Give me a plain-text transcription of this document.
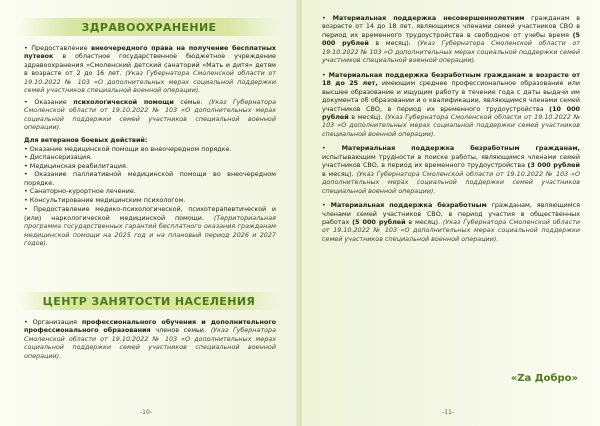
ЗДРАВООХРАНЕНИЕ

• Предоставление внеочередного права на получение бесплатных путевок в областное государственное бюджетное учреждение здравоохранения «Смоленский детский санаторий «Мать и дитя» детям в возрасте от 2 до 16 лет. (Указ Губернатора Смоленской области от 19.10.2022 № 103 «О дополнительных мерах социальной поддержки семей участников специальной военной операции).

• Оказание психологической помощи семье. (Указ Губернатора Смоленской области от 19.10.2022 № 103 «О дополнительных мерах социальной поддержки семей участников специальной военной операции).

Для ветеранов боевых действий:

• Оказание медицинской помощи во внеочередном порядке.
• Диспансеризация.
• Медицинская реабилитация.
• Оказание паллиативной медицинской помощи во внеочередном порядке.
• Санаторно-курортное лечение.
• Консультирование медицинским психологом.

• Предоставление медико-психологической, психотерапевтической и (или) наркологической медицинской помощи. (Территориальная программа государственных гарантий бесплатного оказания гражданам медицинской помощи на 2025 год и на плановый период 2026 и 2027 годов).

ЦЕНТР ЗАНЯТОСТИ НАСЕЛЕНИЯ

• Организация профессионального обучения и дополнительного профессионального образования членов семьи. (Указ Губернатора Смоленской области от 19.10.2022 № 103 «О дополнительных мерах социальной поддержки семей участников специальной военной операции).

-10-

• Материальная поддержка несовершеннолетним гражданам в возрасте от 14 до 18 лет, являющимся членами семей участников СВО в период их временного трудоустройства в свободное от учебы время (5 000 рублей в месяц). (Указ Губернатора Смоленской области от 19.10.2022 № 103 «О дополнительных мерах социальной поддержки семей участников специальной военной операции).

• Материальная поддержка безработным гражданам в возрасте от 18 до 25 лет, имеющим среднее профессиональное образование или высшее образование и ищущим работу в течение года с даты выдачи им документа об образовании и о квалификации, являющимся членами семей участников СВО, в период их временного трудоустройства (10 000 рублей в месяц). (Указ Губернатора Смоленской области от 19.10.2022 № 103 «О дополнительных мерах социальной поддержки семей участников специальной военной операции).

• Материальная поддержка безработным гражданам, испытывающим трудности в поиске работы, являющимся членами семей участников СВО, в период их временного трудоустройства (3 000 рублей в месяц). (Указ Губернатора Смоленской области от 19.10.2022 № 103 «О дополнительных мерах социальной поддержки семей участников специальной военной операции).

• Материальная поддержка безработным гражданам, являющимся членами семей участников СВО, в период участия в общественных работах (5 000 рублей в месяц). (Указ Губернатора Смоленской области от 19.10.2022 № 103 «О дополнительных мерах социальной поддержки семей участников специальной военной операции).

«Za Добро»
-11-
